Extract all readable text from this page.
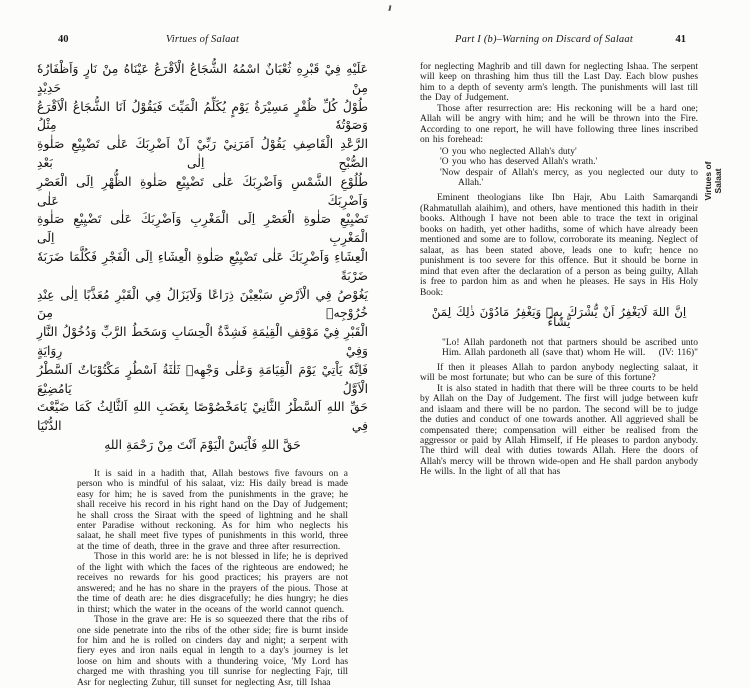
40	Virtues of Salaat
عَلَيْهِ فِيْ قَبْرِهِ ثُعْبَانٌ اسْمُهُ الشُّجَاعُ الْاَقْرَعُ عَيْنَاهُ مِنْ نَارٍ وَاَظْفَارُهٗ مِنْ حَدِيْدٍ
طُوْلُ كُلِّ ظُفْرٍ مَسِيْرَةُ يَوْمٍ يُكَلِّمُ الْمَيِّتَ فَيَقُوْلُ اَنَا الشُّجَاعُ الْاَقْرَعُ وَصَوْتُهٗ مِثْلُ
الرَّعْدِ الْقَاصِفِ يَقُوْلُ اَمَرَنِيْ رَبِّيْ اَنْ اَضْرِبَكَ عَلٰى تَضْيِيْعِ صَلٰوةِ الصُّبْحِ اِلٰى بَعْدِ
طُلُوْعِ الشَّمْسِ وَاَضْرِبَكَ عَلٰى تَضْيِيْعِ صَلٰوةِ الظُّهْرِ اِلَى الْعَصْرِ وَاَضْرِبَكَ عَلٰى
تَضْيِيْعِ صَلٰوةِ الْعَصْرِ اِلَى الْمَغْرِبِ وَاَضْرِبَكَ عَلٰى تَضْيِيْعِ صَلٰوةِ الْمَغْرِبِ اِلَى
الْعِشَاءِ وَاَضْرِبَكَ عَلٰى تَضْيِيْعِ صَلٰوةِ الْعِشَاءِ اِلَى الْفَجْرِ فَكُلَّمَا ضَرَبَهٗ ضَرْبَةً
يَغُوْصُ فِي الْاَرْضِ سَبْعِيْنَ ذِرَاعًا وَلَايَزَالُ فِي الْقَبْرِ مُعَذَّبًا اِلٰى عِنْدِ خُرُوْجِهٖ مِنَ
الْقَبْرِ فِيْ مَوْقِفِ الْقِيٰمَةِ فَشِدَّةُ الْحِسَابِ وَسَخَطُ الرَّبِّ وَدُخُوْلُ النَّارِ وَفِيْ رِوَايَةٍ
فَاِنَّهٗ يَاْتِيْ يَوْمَ الْقِيَامَةِ وَعَلٰى وَجْهِهٖ ثَلٰثَةُ اَسْطُرٍ مَكْتُوْبَاتٌ اَلسَّطْرُ الْاَوَّلُ يَامُضِيْعَ
حَقِّ اللهِ اَلسَّطْرُ الثَّانِيْ يَامَخْصُوْصًا بِغَضَبِ اللهِ اَلثَّالِثُ كَمَا ضَيَّعْتَ فِي الدُّنْيَا
حَقَّ اللهِ فَاْيَسْ الْيَوْمَ اَنْتَ مِنْ رَحْمَةِ اللهِ

It is said in a hadith that, Allah bestows five favours on a person who is mindful of his salaat, viz: His daily bread is made easy for him; he is saved from the punishments in the grave; he shall receive his record in his right hand on the Day of Judgement; he shall cross the Siraat with the speed of lightning and he shall enter Paradise without reckoning. As for him who neglects his salaat, he shall meet five types of punishments in this world, three at the time of death, three in the grave and three after resurrection.

Those in this world are: he is not blessed in life; he is deprived of the light with which the faces of the righteous are endowed; he receives no rewards for his good practices; his prayers are not answered; and he has no share in the prayers of the pious. Those at the time of death are: he dies disgracefully; he dies hungry; he dies in thirst; which the water in the oceans of the world cannot quench.

Those in the grave are: He is so squeezed there that the ribs of one side penetrate into the ribs of the other side; fire is burnt inside for him and he is rolled on cinders day and night; a serpent with fiery eyes and iron nails equal in length to a day's journey is let loose on him and shouts with a thundering voice, 'My Lord has charged me with thrashing you till sunrise for neglecting Fajr, till Asr for neglecting Zuhur, till sunset for neglecting Asr, till Ishaa

Part I (b)–Warning on Discard of Salaat	41

for neglecting Maghrib and till dawn for neglecting Ishaa. The serpent will keep on thrashing him thus till the Last Day. Each blow pushes him to a depth of seventy arm's length. The punishments will last till the Day of Judgement.

Those after resurrection are: His reckoning will be a hard one; Allah will be angry with him; and he will be thrown into the Fire. According to one report, he will have following three lines inscribed on his forehead:

'O you who neglected Allah's duty'
'O you who has deserved Allah's wrath.'
'Now despair of Allah's mercy, as you neglected our duty to Allah.'

Eminent theologians like Ibn Hajr, Abu Laith Samarqandi (Rahmatullah alaihim), and others, have mentioned this hadith in their books. Although I have not been able to trace the text in original books on hadith, yet other hadiths, some of which have already been mentioned and some are to follow, corroborate its meaning. Neglect of salaat, as has been stated above, leads one to kufr; hence no punishment is too severe for this offence. But it should be borne in mind that even after the declaration of a person as being guilty, Allah is free to pardon him as and when he pleases. He says in His Holy Book:

اِنَّ اللهَ لَايَغْفِرُ اَنْ يُّشْرَكَ بِهٖ وَيَغْفِرُ مَادُوْنَ ذٰلِكَ لِمَنْ يَّشَآءُ
"Lo! Allah pardoneth not that partners should be ascribed unto Him. Allah pardoneth all (save that) whom He will.	(IV: 116)"

If then it pleases Allah to pardon anybody neglecting salaat, it will be most fortunate; but who can be sure of this fortune?

It is also stated in hadith that there will be three courts to be held by Allah on the Day of Judgement. The first will judge between kufr and islaam and there will be no pardon. The second will be to judge the duties and conduct of one towards another. All aggrieved shall be compensated there; compensation will either be realised from the aggressor or paid by Allah Himself, if He pleases to pardon anybody. The third will deal with duties towards Allah. Here the doors of Allah's mercy will be thrown wide-open and He shall pardon anybody He wills. In the light of all that has

Virtues of Salaat
